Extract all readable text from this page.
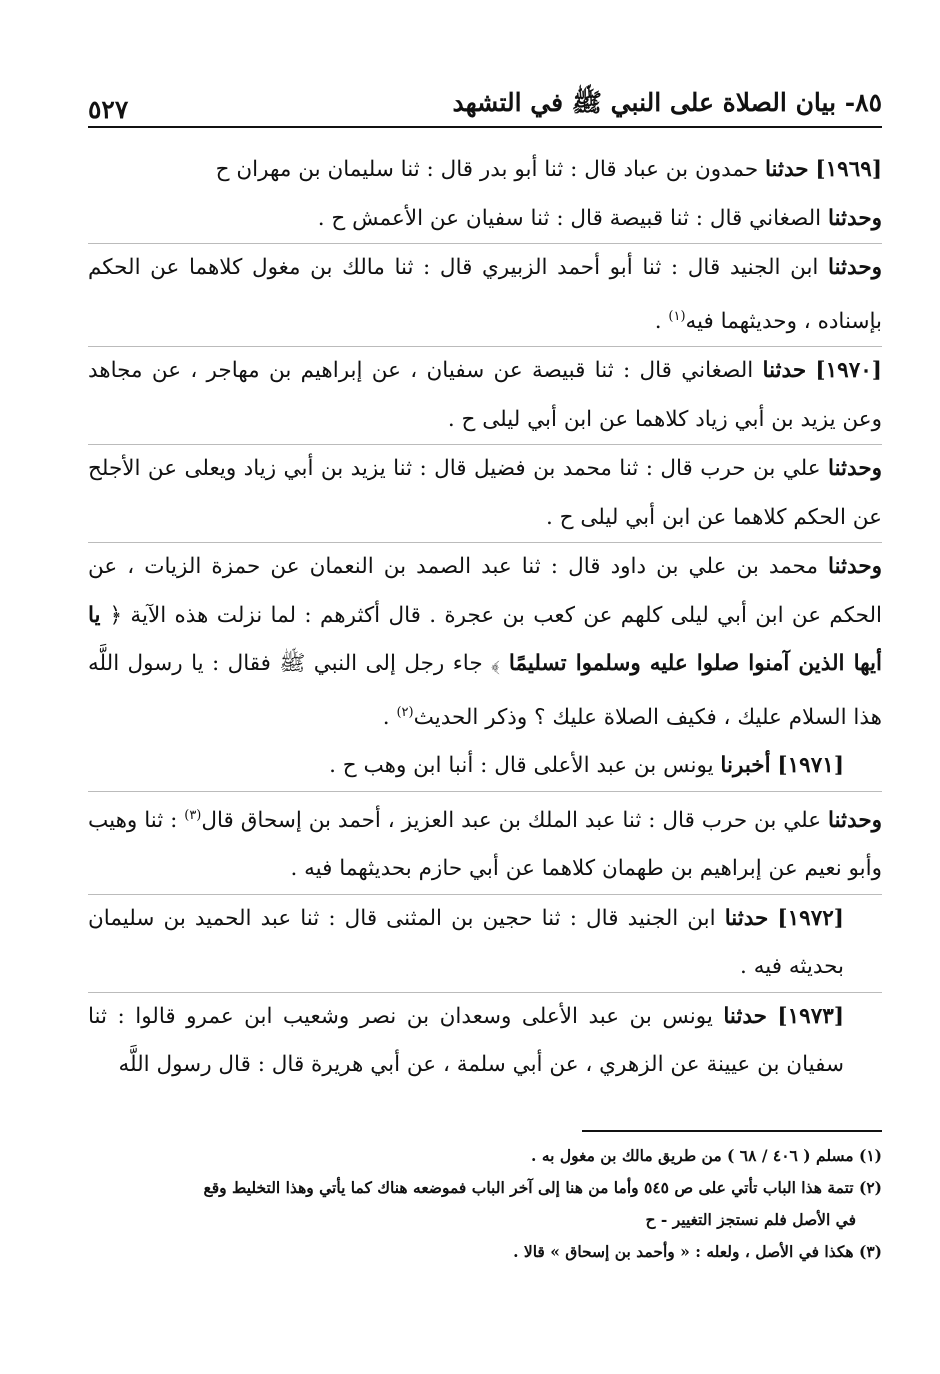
٨٥- بيان الصلاة على النبي ﷺ في التشهد
٥٢٧

[١٩٦٩] حدثنا حمدون بن عباد قال : ثنا أبو بدر قال : ثنا سليمان بن مهران ح

وحدثنا الصغاني قال : ثنا قبيصة قال : ثنا سفيان عن الأعمش ح .

وحدثنا ابن الجنيد قال : ثنا أبو أحمد الزبيري قال : ثنا مالك بن مغول كلاهما عن الحكم بإسناده ، وحديثهما فيه$^{(١)}$ .

[١٩٧٠] حدثنا الصغاني قال : ثنا قبيصة عن سفيان ، عن إبراهيم بن مهاجر ، عن مجاهد وعن يزيد بن أبي زياد كلاهما عن ابن أبي ليلى ح .

وحدثنا علي بن حرب قال : ثنا محمد بن فضيل قال : ثنا يزيد بن أبي زياد ويعلى عن الأجلح عن الحكم كلاهما عن ابن أبي ليلى ح .

وحدثنا محمد بن علي بن داود قال : ثنا عبد الصمد بن النعمان عن حمزة الزيات ، عن الحكم عن ابن أبي ليلى كلهم عن كعب بن عجرة . قال أكثرهم : لما نزلت هذه الآية ﴿ يا أيها الذين آمنوا صلوا عليه وسلموا تسليمًا ﴾ جاء رجل إلى النبي ﷺ فقال : يا رسول اللَّه هذا السلام عليك ، فكيف الصلاة عليك ؟ وذكر الحديث$^{(٢)}$ .

[١٩٧١] أخبرنا يونس بن عبد الأعلى قال : أنبا ابن وهب ح .

وحدثنا علي بن حرب قال : ثنا عبد الملك بن عبد العزيز ، أحمد بن إسحاق قال$^{(٣)}$ : ثنا وهيب وأبو نعيم عن إبراهيم بن طهمان كلاهما عن أبي حازم بحديثهما فيه .

[١٩٧٢] حدثنا ابن الجنيد قال : ثنا حجين بن المثنى قال : ثنا عبد الحميد بن سليمان بحديثه فيه .

[١٩٧٣] حدثنا يونس بن عبد الأعلى وسعدان بن نصر وشعيب ابن عمرو قالوا : ثنا سفيان بن عيينة عن الزهري ، عن أبي سلمة ، عن أبي هريرة قال : قال رسول اللَّه

(١) مسلم ( ٤٠٦ / ٦٨ ) من طريق مالك بن مغول به .

(٢) تتمة هذا الباب تأتي على ص ٥٤٥ وأما من هنا إلى آخر الباب فموضعه هناك كما يأتي وهذا التخليط وقع

في الأصل فلم نستجز التغيير - ح

(٣) هكذا في الأصل ، ولعله : « وأحمد بن إسحاق » قالا .
